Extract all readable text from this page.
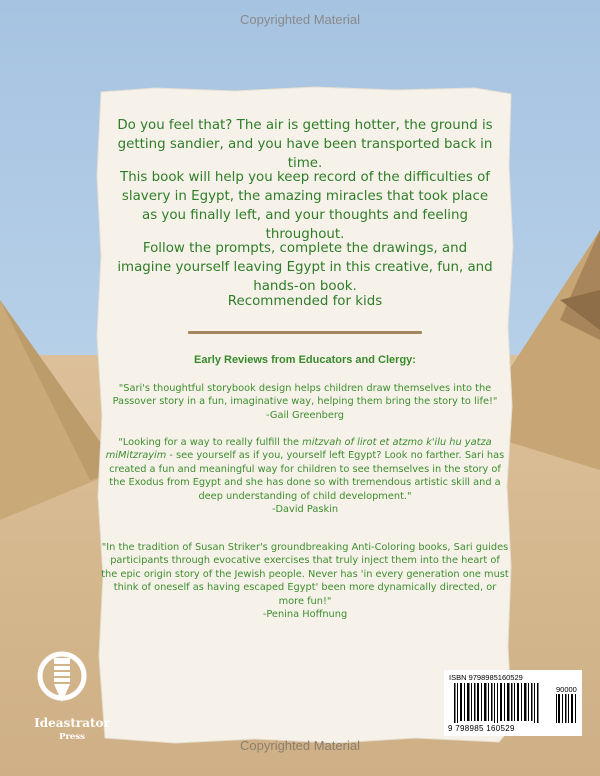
Copyrighted Material
Do you feel that? The air is getting hotter, the ground is getting sandier, and you have been transported back in time.
This book will help you keep record of the difficulties of slavery in Egypt, the amazing miracles that took place as you finally left, and your thoughts and feeling throughout.
Follow the prompts, complete the drawings, and imagine yourself leaving Egypt in this creative, fun, and hands-on book.
Recommended for kids
Early Reviews from Educators and Clergy:
"Sari's thoughtful storybook design helps children draw themselves into the Passover story in a fun, imaginative way, helping them bring the story to life!"
-Gail Greenberg
"Looking for a way to really fulfill the mitzvah of lirot et atzmo k'ilu hu yatza miMitzrayim - see yourself as if you, yourself left Egypt? Look no farther. Sari has created a fun and meaningful way for children to see themselves in the story of the Exodus from Egypt and she has done so with tremendous artistic skill and a deep understanding of child development."
-David Paskin
"In the tradition of Susan Striker's groundbreaking Anti-Coloring books, Sari guides participants through evocative exercises that truly inject them into the heart of the epic origin story of the Jewish people. Never has 'in every generation one must think of oneself as having escaped Egypt' been more dynamically directed, or more fun!"
-Penina Hoffnung
Ideastrator
Press
ISBN 9798985160529
90000
9 798985 160529
Copyrighted Material
